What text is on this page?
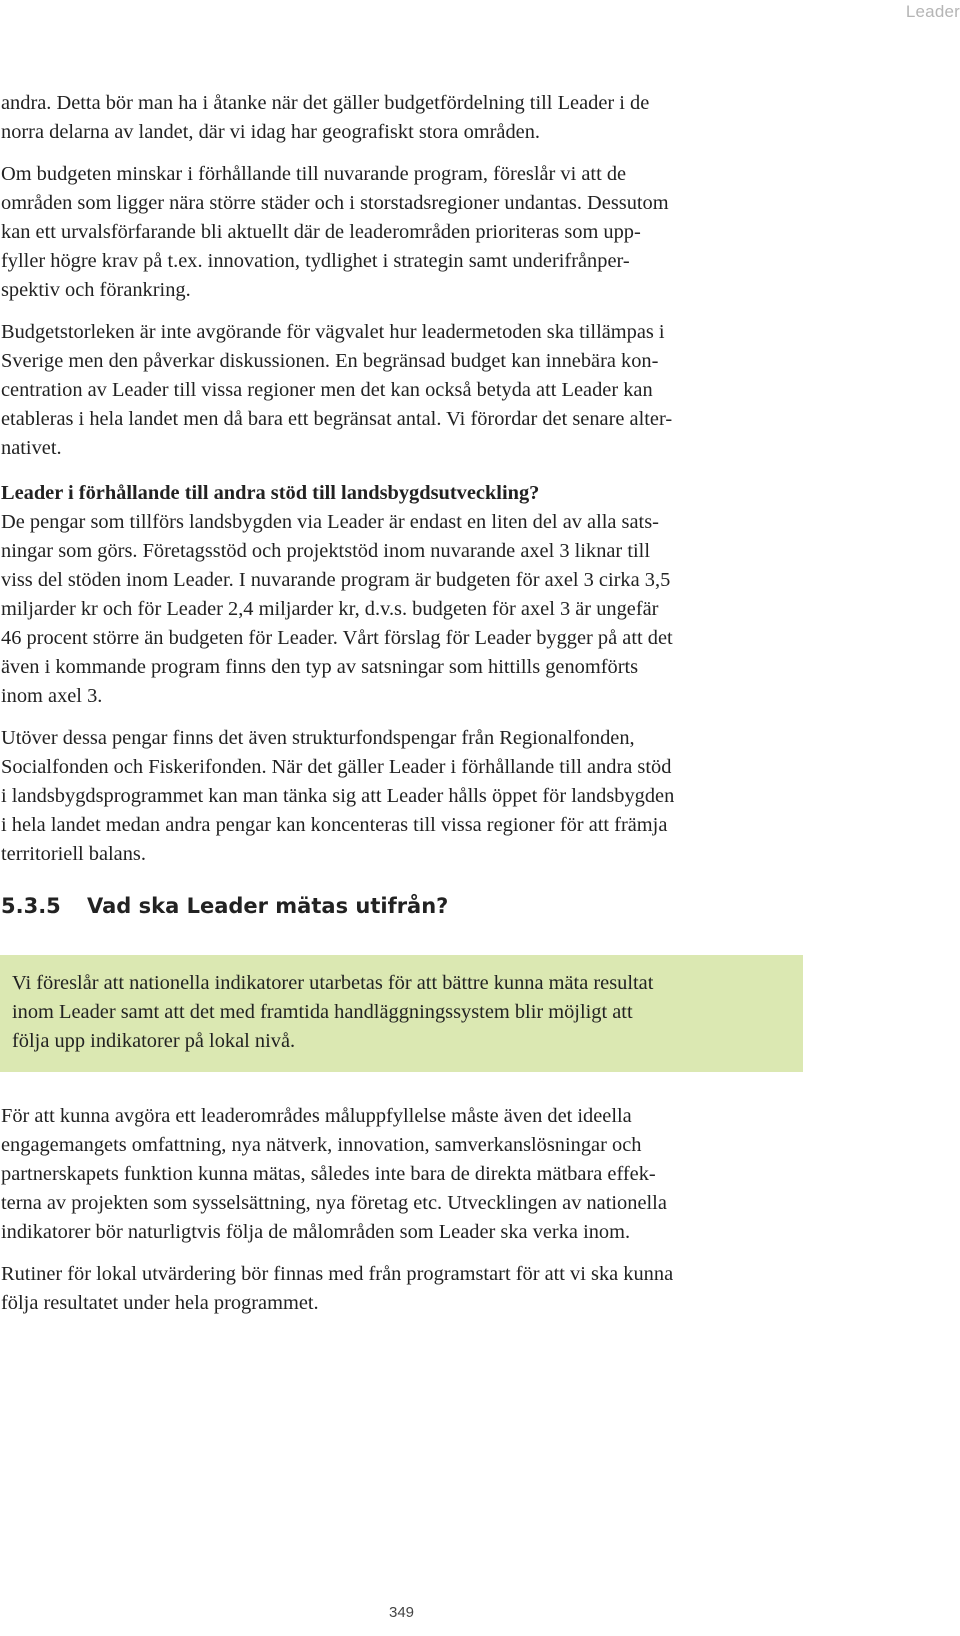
Leader

andra. Detta bör man ha i åtanke när det gäller budgetfördelning till Leader i de
norra delarna av landet, där vi idag har geografiskt stora områden.

Om budgeten minskar i förhållande till nuvarande program, föreslår vi att de
områden som ligger nära större städer och i storstadsregioner undantas. Dessutom
kan ett urvalsförfarande bli aktuellt där de leaderområden prioriteras som upp-
fyller högre krav på t.ex. innovation, tydlighet i strategin samt underifrånper-
spektiv och förankring.

Budgetstorleken är inte avgörande för vägvalet hur leadermetoden ska tillämpas i
Sverige men den påverkar diskussionen. En begränsad budget kan innebära kon-
centration av Leader till vissa regioner men det kan också betyda att Leader kan
etableras i hela landet men då bara ett begränsat antal. Vi förordar det senare alter-
nativet.

Leader i förhållande till andra stöd till landsbygdsutveckling?

De pengar som tillförs landsbygden via Leader är endast en liten del av alla sats-
ningar som görs. Företagsstöd och projektstöd inom nuvarande axel 3 liknar till
viss del stöden inom Leader. I nuvarande program är budgeten för axel 3 cirka 3,5
miljarder kr och för Leader 2,4 miljarder kr, d.v.s. budgeten för axel 3 är ungefär
46 procent större än budgeten för Leader. Vårt förslag för Leader bygger på att det
även i kommande program finns den typ av satsningar som hittills genomförts
inom axel 3.

Utöver dessa pengar finns det även strukturfondspengar från Regionalfonden,
Socialfonden och Fiskerifonden. När det gäller Leader i förhållande till andra stöd
i landsbygdsprogrammet kan man tänka sig att Leader hålls öppet för landsbygden
i hela landet medan andra pengar kan koncenteras till vissa regioner för att främja
territoriell balans.

5.3.5	Vad ska Leader mätas utifrån?

Vi föreslår att nationella indikatorer utarbetas för att bättre kunna mäta resultat
inom Leader samt att det med framtida handläggningssystem blir möjligt att
följa upp indikatorer på lokal nivå.

För att kunna avgöra ett leaderområdes måluppfyllelse måste även det ideella
engagemangets omfattning, nya nätverk, innovation, samverkanslösningar och
partnerskapets funktion kunna mätas, således inte bara de direkta mätbara effek-
terna av projekten som sysselsättning, nya företag etc. Utvecklingen av nationella
indikatorer bör naturligtvis följa de målområden som Leader ska verka inom.

Rutiner för lokal utvärdering bör finnas med från programstart för att vi ska kunna
följa resultatet under hela programmet.

349
